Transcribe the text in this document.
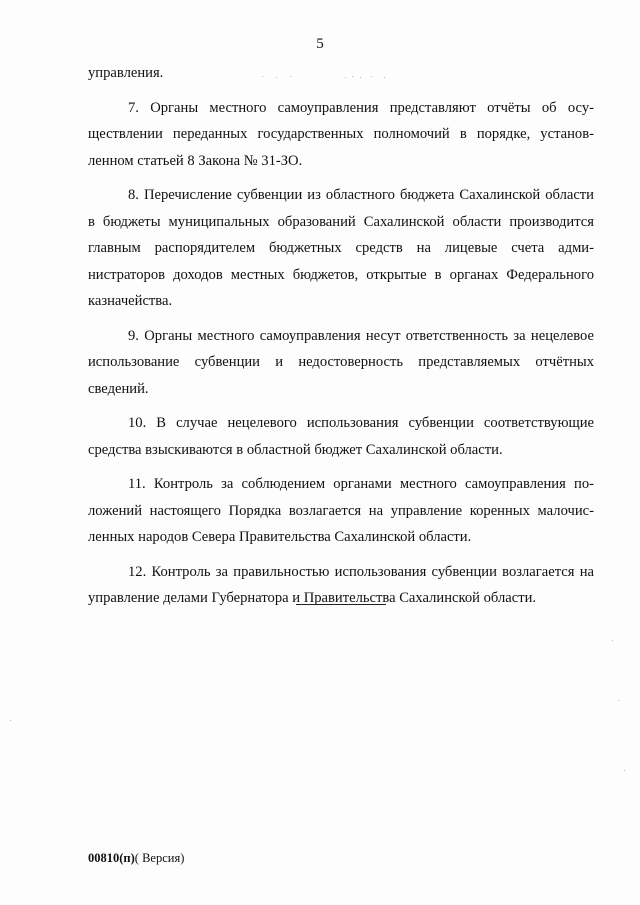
5

управления.

7. Органы местного самоуправления представляют отчёты об осуществлении переданных государственных полномочий в порядке, установленном статьей 8 Закона № 31-ЗО.

8. Перечисление субвенции из областного бюджета Сахалинской области в бюджеты муниципальных образований Сахалинской области производится главным распорядителем бюджетных средств на лицевые счета администраторов доходов местных бюджетов, открытые в органах Федерального казначейства.

9. Органы местного самоуправления несут ответственность за нецелевое использование субвенции и недостоверность представляемых отчётных сведений.

10. В случае нецелевого использования субвенции соответствующие средства взыскиваются в областной бюджет Сахалинской области.

11. Контроль за соблюдением органами местного самоуправления положений настоящего Порядка возлагается на управление коренных малочисленных народов Севера Правительства Сахалинской области.

12. Контроль за правильностью использования субвенции возлагается на управление делами Губернатора и Правительства Сахалинской области.

00810(п)( Версия)
